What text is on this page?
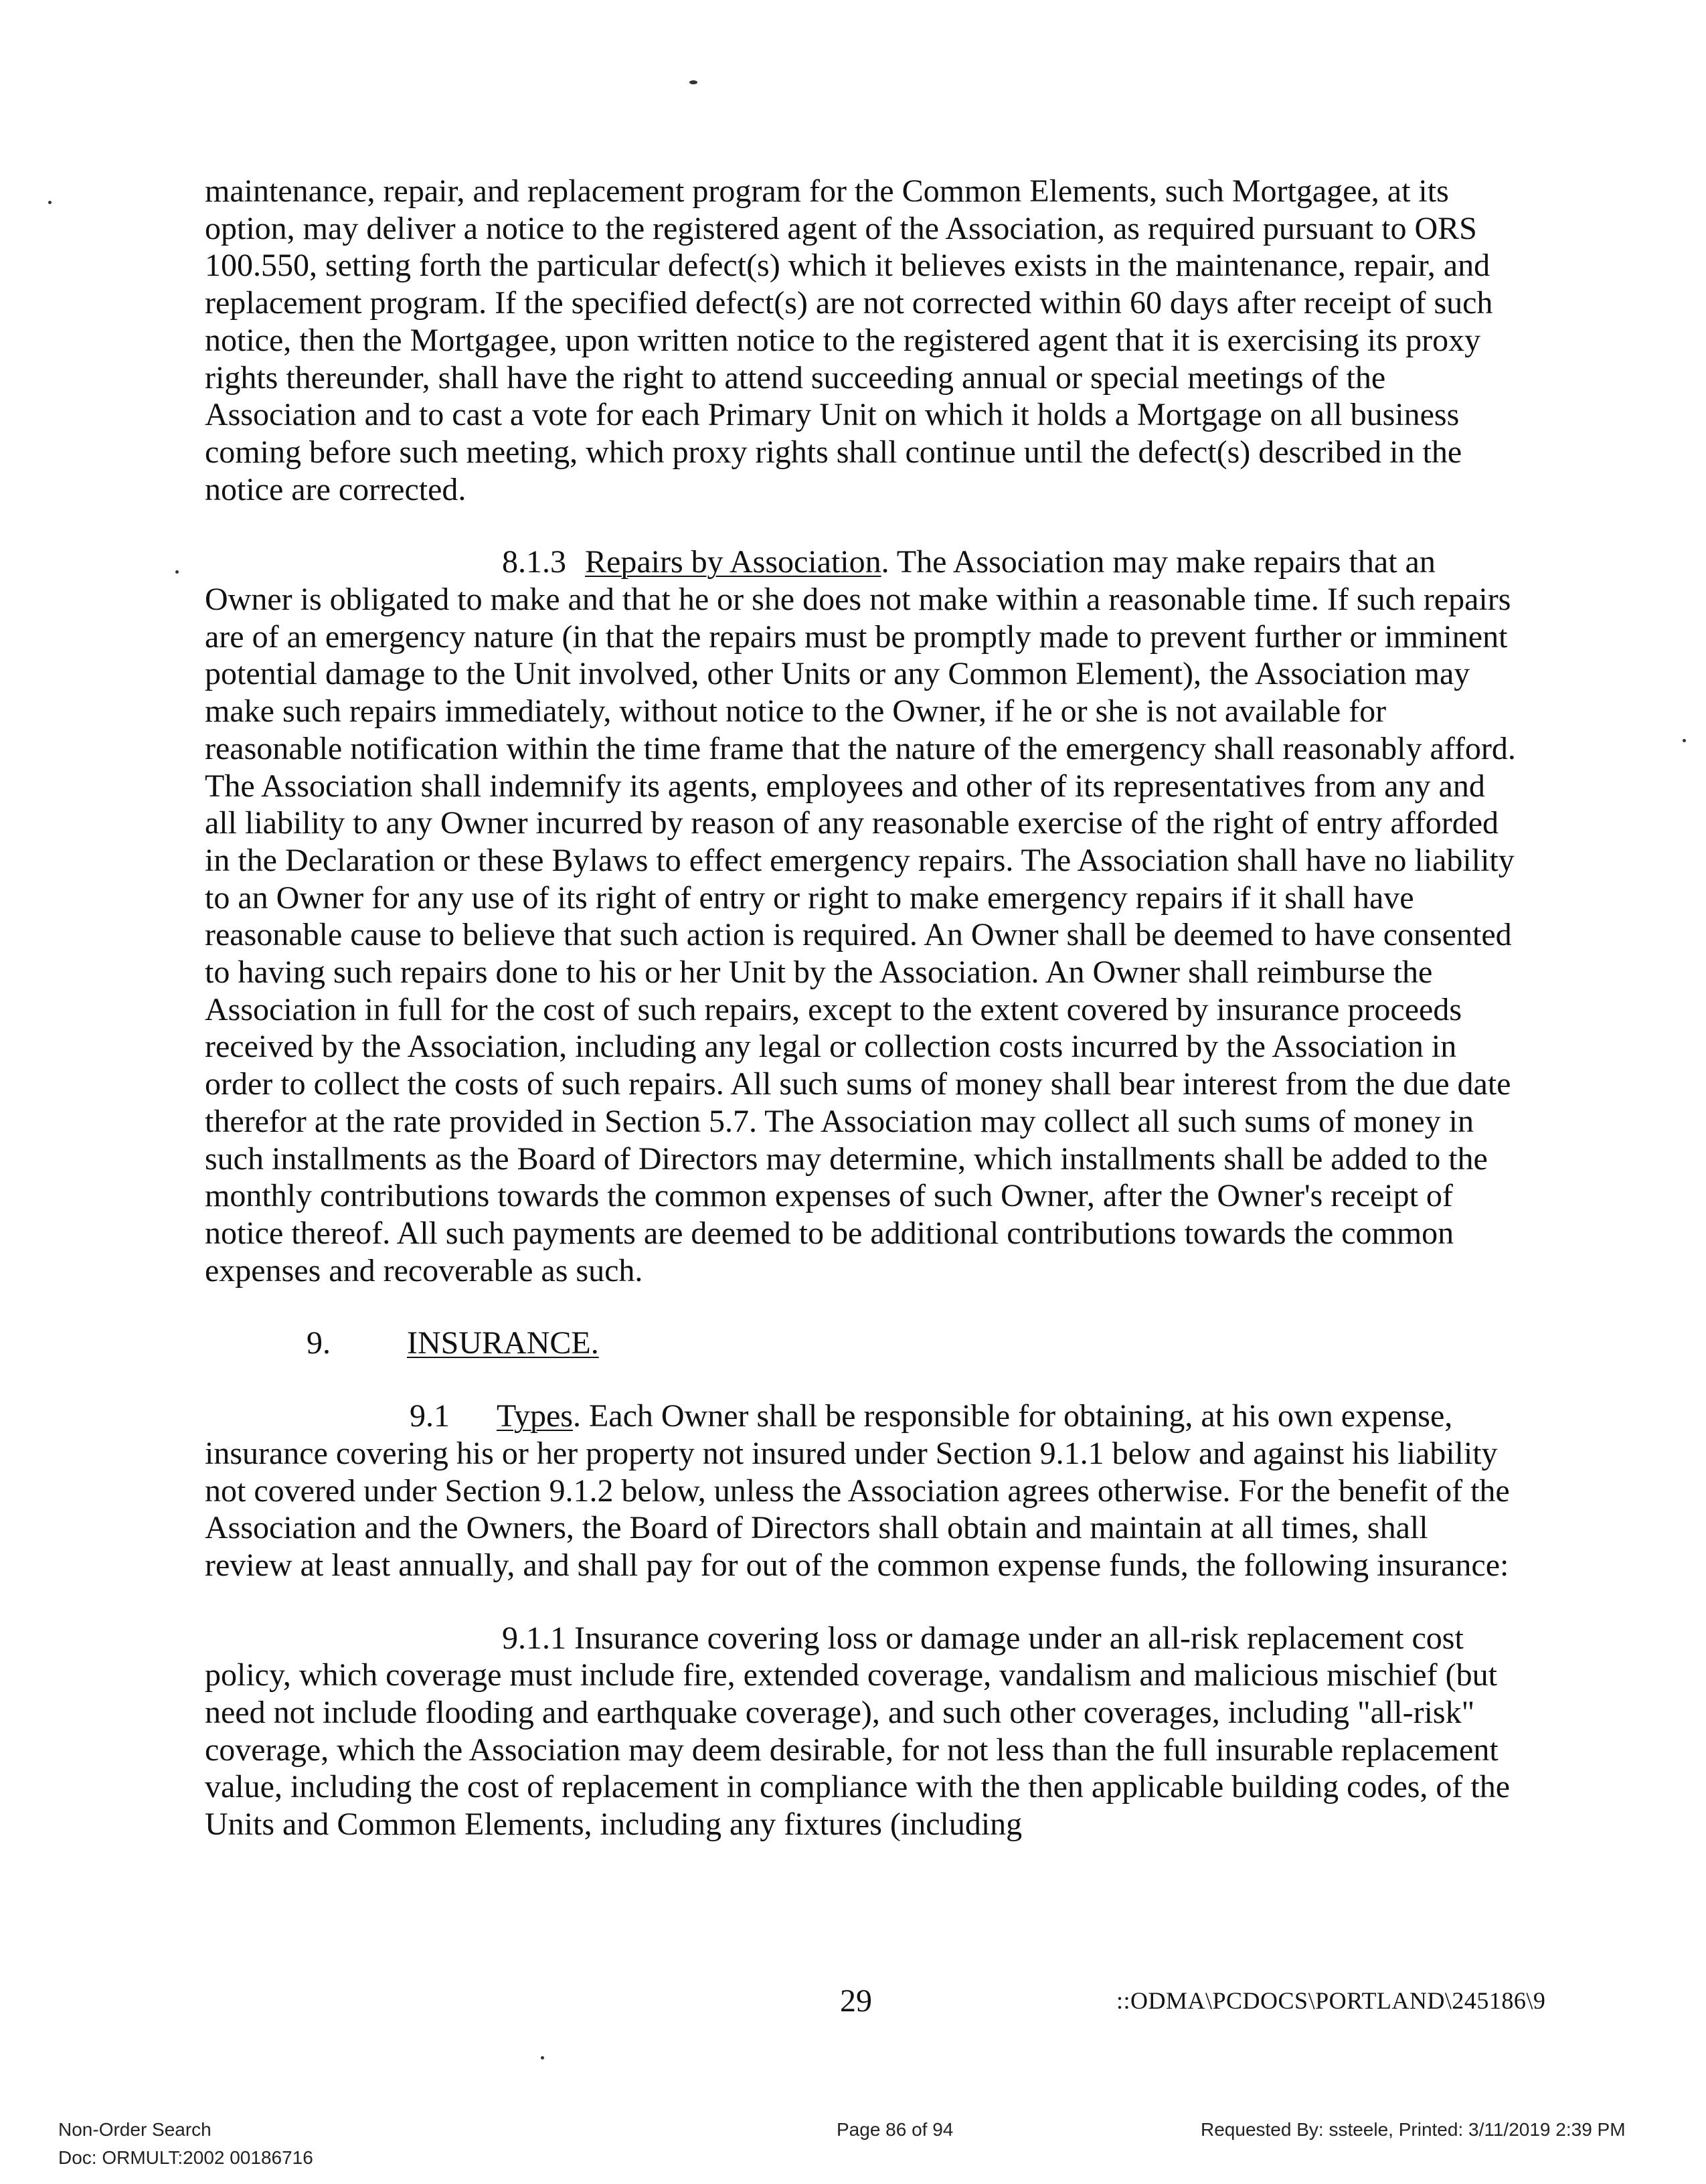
maintenance, repair, and replacement program for the Common Elements, such Mortgagee, at its option, may deliver a notice to the registered agent of the Association, as required pursuant to ORS 100.550, setting forth the particular defect(s) which it believes exists in the maintenance, repair, and replacement program. If the specified defect(s) are not corrected within 60 days after receipt of such notice, then the Mortgagee, upon written notice to the registered agent that it is exercising its proxy rights thereunder, shall have the right to attend succeeding annual or special meetings of the Association and to cast a vote for each Primary Unit on which it holds a Mortgage on all business coming before such meeting, which proxy rights shall continue until the defect(s) described in the notice are corrected.

8.1.3 Repairs by Association. The Association may make repairs that an Owner is obligated to make and that he or she does not make within a reasonable time. If such repairs are of an emergency nature (in that the repairs must be promptly made to prevent further or imminent potential damage to the Unit involved, other Units or any Common Element), the Association may make such repairs immediately, without notice to the Owner, if he or she is not available for reasonable notification within the time frame that the nature of the emergency shall reasonably afford. The Association shall indemnify its agents, employees and other of its representatives from any and all liability to any Owner incurred by reason of any reasonable exercise of the right of entry afforded in the Declaration or these Bylaws to effect emergency repairs. The Association shall have no liability to an Owner for any use of its right of entry or right to make emergency repairs if it shall have reasonable cause to believe that such action is required. An Owner shall be deemed to have consented to having such repairs done to his or her Unit by the Association. An Owner shall reimburse the Association in full for the cost of such repairs, except to the extent covered by insurance proceeds received by the Association, including any legal or collection costs incurred by the Association in order to collect the costs of such repairs. All such sums of money shall bear interest from the due date therefor at the rate provided in Section 5.7. The Association may collect all such sums of money in such installments as the Board of Directors may determine, which installments shall be added to the monthly contributions towards the common expenses of such Owner, after the Owner's receipt of notice thereof. All such payments are deemed to be additional contributions towards the common expenses and recoverable as such.

9. INSURANCE.

9.1 Types. Each Owner shall be responsible for obtaining, at his own expense, insurance covering his or her property not insured under Section 9.1.1 below and against his liability not covered under Section 9.1.2 below, unless the Association agrees otherwise. For the benefit of the Association and the Owners, the Board of Directors shall obtain and maintain at all times, shall review at least annually, and shall pay for out of the common expense funds, the following insurance:

9.1.1 Insurance covering loss or damage under an all-risk replacement cost policy, which coverage must include fire, extended coverage, vandalism and malicious mischief (but need not include flooding and earthquake coverage), and such other coverages, including "all-risk" coverage, which the Association may deem desirable, for not less than the full insurable replacement value, including the cost of replacement in compliance with the then applicable building codes, of the Units and Common Elements, including any fixtures (including

29	::ODMA\PCDOCS\PORTLAND\245186\9
Non-Order Search
Doc: ORMULT:2002 00186716
Page 86 of 94	Requested By: ssteele, Printed: 3/11/2019 2:39 PM
